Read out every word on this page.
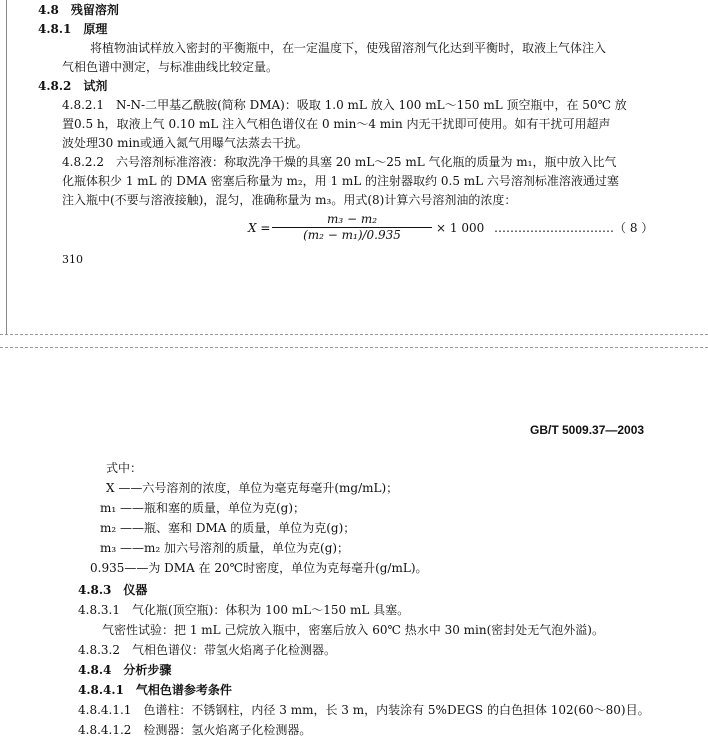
4.8　残留溶剂
4.8.1　原理
将植物油试样放入密封的平衡瓶中，在一定温度下，使残留溶剂气化达到平衡时，取液上气体注入
气相色谱中测定，与标准曲线比较定量。
4.8.2　试剂
4.8.2.1　N-N-二甲基乙酰胺(简称 DMA)：吸取 1.0 mL 放入 100 mL～150 mL 顶空瓶中，在 50℃ 放
置0.5 h，取液上气 0.10 mL 注入气相色谱仪在 0 min～4 min 内无干扰即可使用。如有干扰可用超声
波处理30 min或通入氮气用曝气法蒸去干扰。
4.8.2.2　六号溶剂标准溶液：称取洗净干燥的具塞 20 mL～25 mL 气化瓶的质量为 m₁，瓶中放入比气
化瓶体积少 1 mL 的 DMA 密塞后称量为 m₂，用 1 mL 的注射器取约 0.5 mL 六号溶剂标准溶液通过塞
注入瓶中(不要与溶液接触)，混匀，准确称量为 m₃。用式(8)计算六号溶剂油的浓度：
$X = \frac{\text{m₃ − m₂}}{\text{(m₂ − m₁)/0.935}} \times 1$ 000 …………………………（ 8 ）
310
GB/T 5009.37—2003
式中：
X ——六号溶剂的浓度，单位为毫克每毫升(mg/mL)；
m₁ ——瓶和塞的质量，单位为克(g)；
m₂ ——瓶、塞和 DMA 的质量，单位为克(g)；
m₃ ——m₂ 加六号溶剂的质量，单位为克(g)；
0.935——为 DMA 在 20℃时密度，单位为克每毫升(g/mL)。
4.8.3　仪器
4.8.3.1　气化瓶(顶空瓶)：体积为 100 mL～150 mL 具塞。
气密性试验：把 1 mL 己烷放入瓶中，密塞后放入 60℃ 热水中 30 min(密封处无气泡外溢)。
4.8.3.2　气相色谱仪：带氢火焰离子化检测器。
4.8.4　分析步骤
4.8.4.1　气相色谱参考条件
4.8.4.1.1　色谱柱：不锈钢柱，内径 3 mm，长 3 m，内装涂有 5%DEGS 的白色担体 102(60～80)目。
4.8.4.1.2　检测器：氢火焰离子化检测器。
